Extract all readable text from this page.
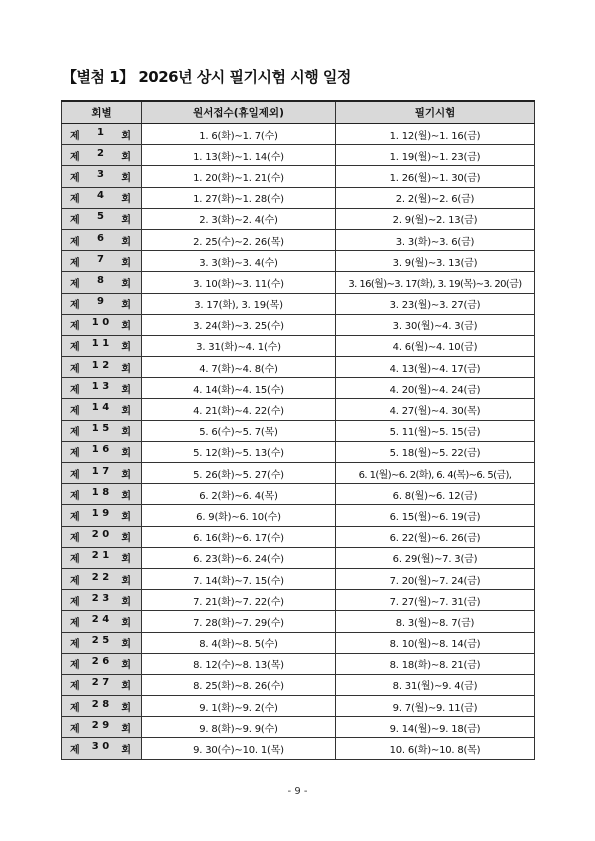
【별첨 1】 2026년 상시 필기시험 시행 일정
회별	원서접수(휴일제외)	필기시험

제 1 회	1. 6(화)∼1. 7(수)	1. 12(월)∼1. 16(금)

제 2 회	1. 13(화)∼1. 14(수)	1. 19(월)∼1. 23(금)

제 3 회	1. 20(화)∼1. 21(수)	1. 26(월)∼1. 30(금)

제 4 회	1. 27(화)∼1. 28(수)	2. 2(월)∼2. 6(금)

제 5 회	2. 3(화)∼2. 4(수)	2. 9(월)∼2. 13(금)

제 6 회	2. 25(수)∼2. 26(목)	3. 3(화)∼3. 6(금)

제 7 회	3. 3(화)∼3. 4(수)	3. 9(월)∼3. 13(금)

제 8 회	3. 10(화)∼3. 11(수)	3. 16(월)∼3. 17(화), 3. 19(목)∼3. 20(금)

제 9 회	3. 17(화), 3. 19(목)	3. 23(월)∼3. 27(금)

제 1 0 회	3. 24(화)∼3. 25(수)	3. 30(월)∼4. 3(금)

제 1 1 회	3. 31(화)∼4. 1(수)	4. 6(월)∼4. 10(금)

제 1 2 회	4. 7(화)∼4. 8(수)	4. 13(월)∼4. 17(금)

제 1 3 회	4. 14(화)∼4. 15(수)	4. 20(월)∼4. 24(금)

제 1 4 회	4. 21(화)∼4. 22(수)	4. 27(월)∼4. 30(목)

제 1 5 회	5. 6(수)∼5. 7(목)	5. 11(월)∼5. 15(금)

제 1 6 회	5. 12(화)∼5. 13(수)	5. 18(월)∼5. 22(금)

제 1 7 회	5. 26(화)∼5. 27(수)	6. 1(월)∼6. 2(화), 6. 4(목)∼6. 5(금),

제 1 8 회	6. 2(화)∼6. 4(목)	6. 8(월)∼6. 12(금)

제 1 9 회	6. 9(화)∼6. 10(수)	6. 15(월)∼6. 19(금)

제 2 0 회	6. 16(화)∼6. 17(수)	6. 22(월)∼6. 26(금)

제 2 1 회	6. 23(화)∼6. 24(수)	6. 29(월)∼7. 3(금)

제 2 2 회	7. 14(화)∼7. 15(수)	7. 20(월)∼7. 24(금)

제 2 3 회	7. 21(화)∼7. 22(수)	7. 27(월)∼7. 31(금)

제 2 4 회	7. 28(화)∼7. 29(수)	8. 3(월)∼8. 7(금)

제 2 5 회	8. 4(화)∼8. 5(수)	8. 10(월)∼8. 14(금)

제 2 6 회	8. 12(수)∼8. 13(목)	8. 18(화)∼8. 21(금)

제 2 7 회	8. 25(화)∼8. 26(수)	8. 31(월)∼9. 4(금)

제 2 8 회	9. 1(화)∼9. 2(수)	9. 7(월)∼9. 11(금)

제 2 9 회	9. 8(화)∼9. 9(수)	9. 14(월)∼9. 18(금)

제 3 0 회	9. 30(수)∼10. 1(목)	10. 6(화)∼10. 8(목)
- 9 -
